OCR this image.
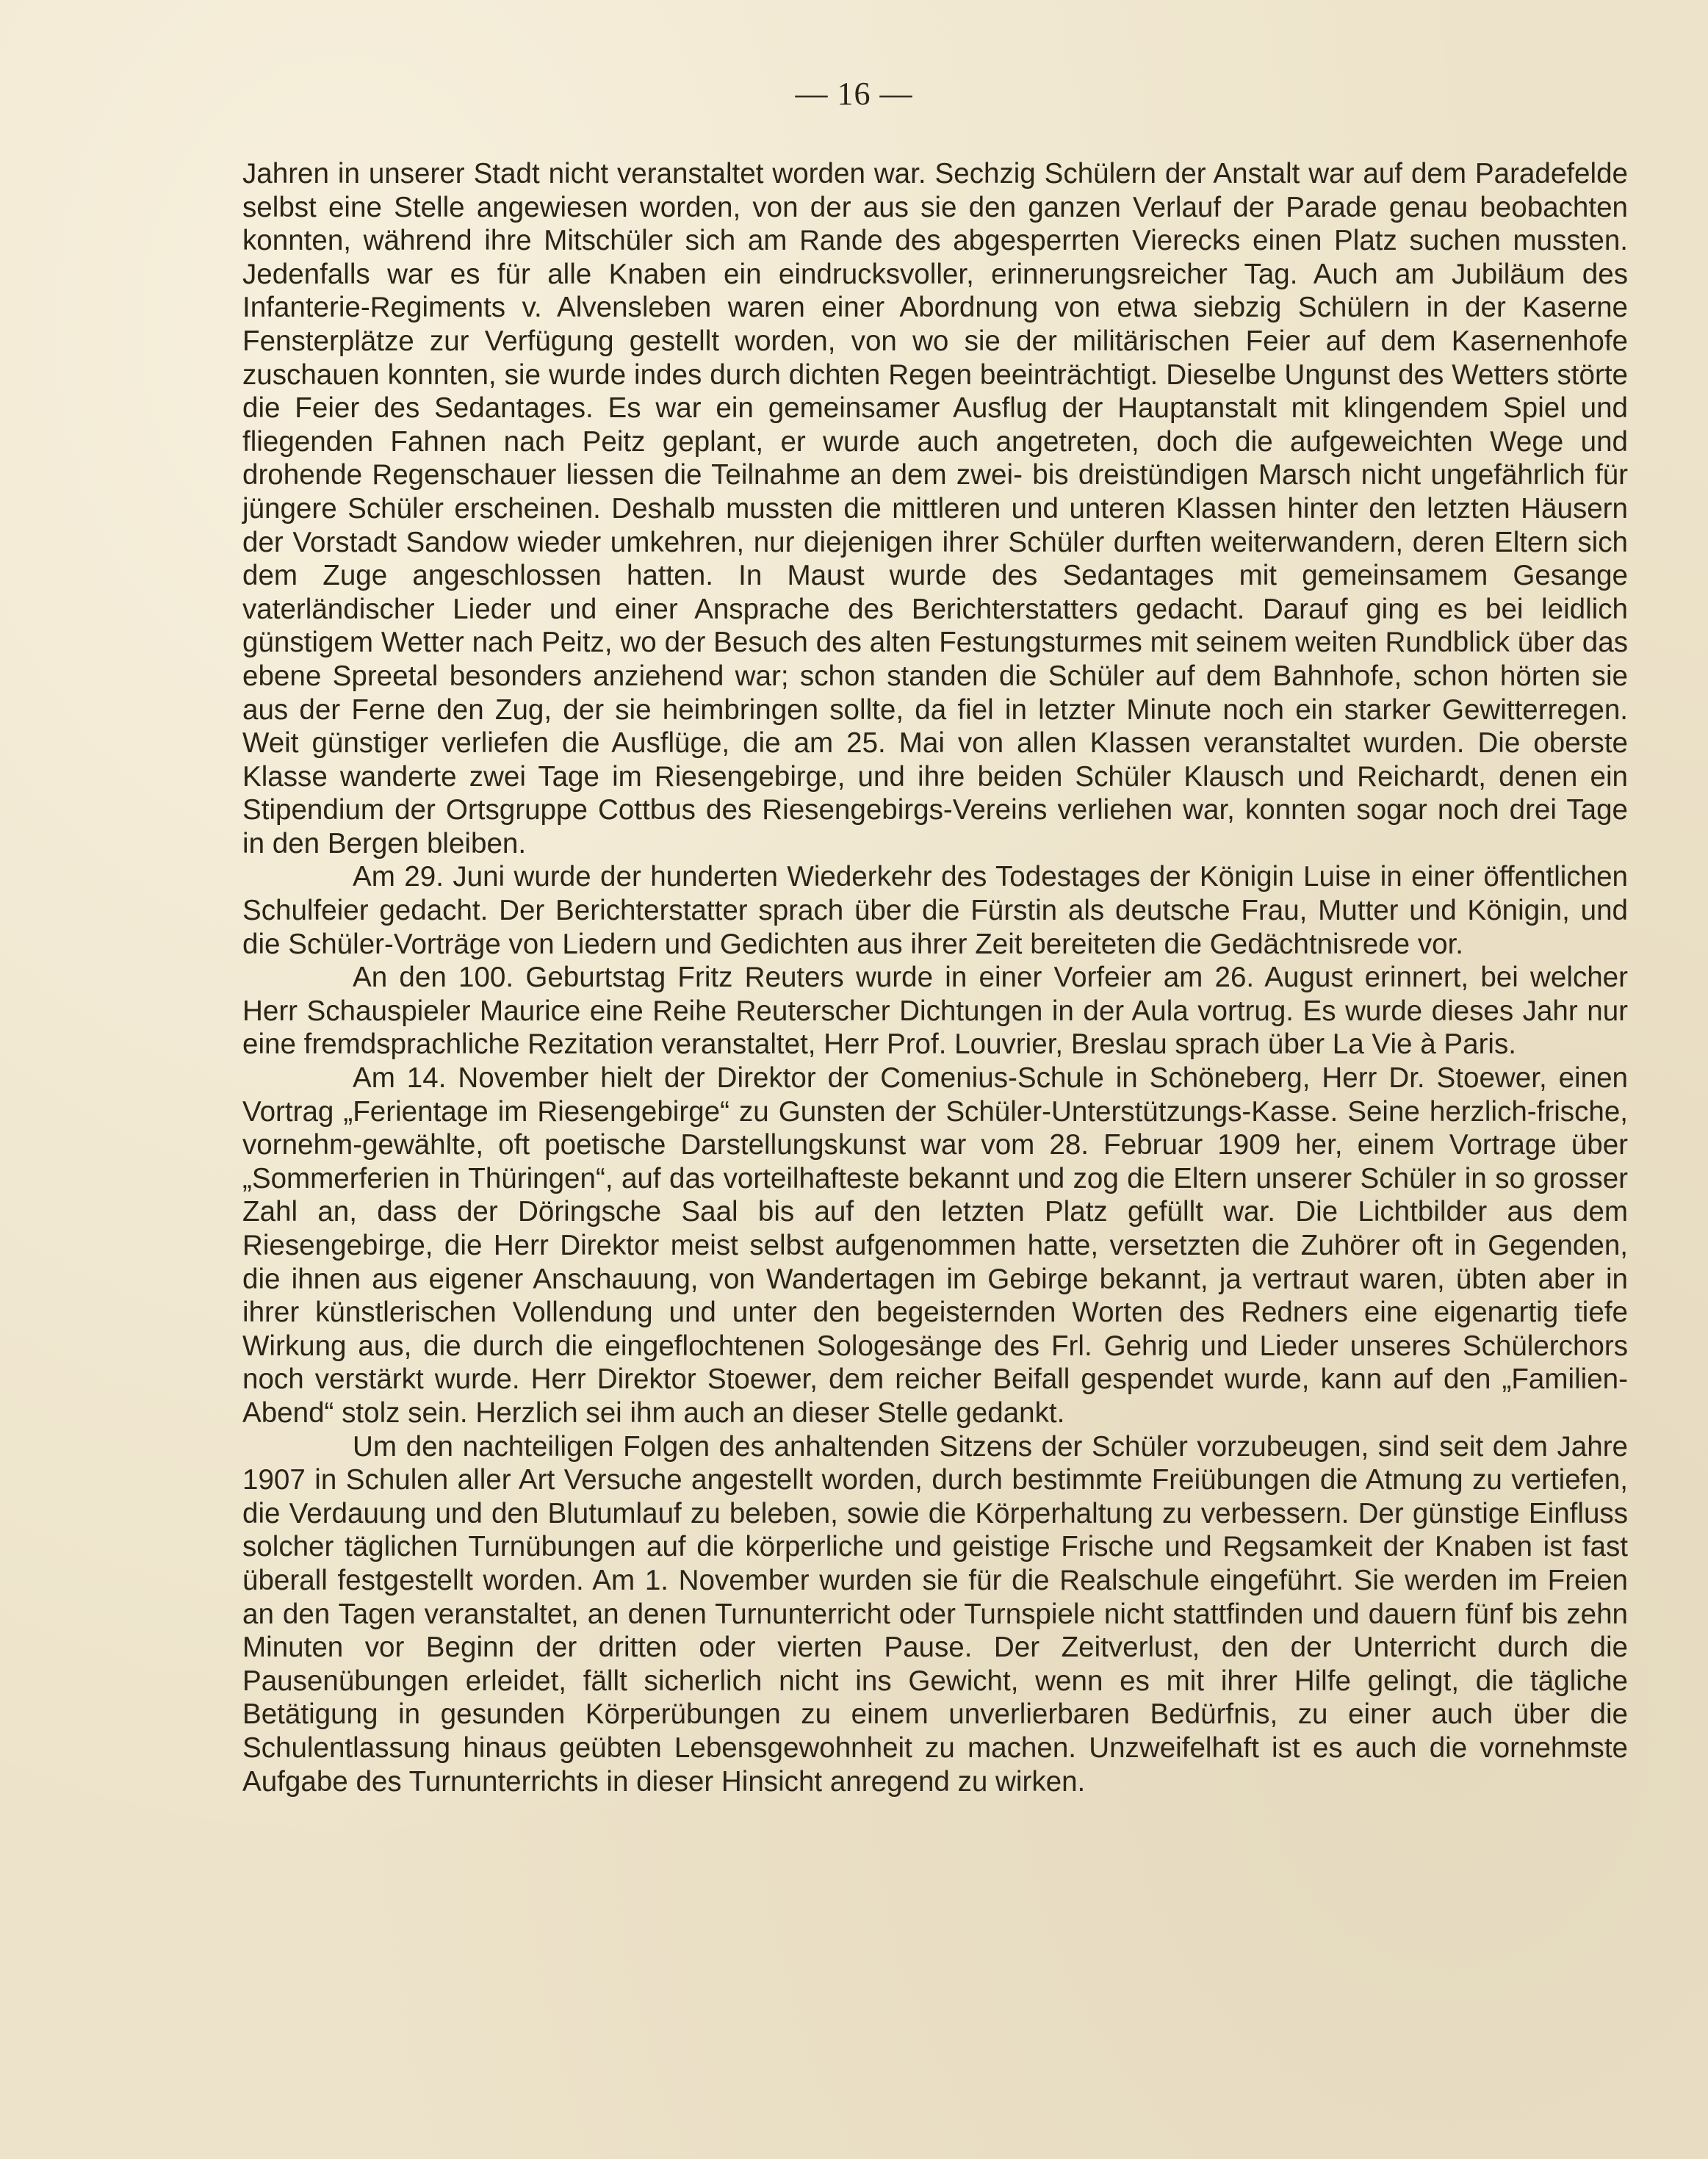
— 16 —

Jahren in unserer Stadt nicht veranstaltet worden war. Sechzig Schülern der Anstalt war auf dem Paradefelde selbst eine Stelle angewiesen worden, von der aus sie den ganzen Verlauf der Parade genau beobachten konnten, während ihre Mitschüler sich am Rande des abgesperrten Vierecks einen Platz suchen mussten. Jedenfalls war es für alle Knaben ein eindrucksvoller, erinnerungsreicher Tag. Auch am Jubiläum des Infanterie-Regiments v. Alvensleben waren einer Abordnung von etwa siebzig Schülern in der Kaserne Fensterplätze zur Verfügung gestellt worden, von wo sie der militärischen Feier auf dem Kasernenhofe zuschauen konnten, sie wurde indes durch dichten Regen beeinträchtigt. Dieselbe Ungunst des Wetters störte die Feier des Sedantages. Es war ein gemeinsamer Ausflug der Hauptanstalt mit klingendem Spiel und fliegenden Fahnen nach Peitz geplant, er wurde auch angetreten, doch die aufgeweichten Wege und drohende Regenschauer liessen die Teilnahme an dem zwei- bis dreistündigen Marsch nicht ungefährlich für jüngere Schüler erscheinen. Deshalb mussten die mittleren und unteren Klassen hinter den letzten Häusern der Vorstadt Sandow wieder umkehren, nur diejenigen ihrer Schüler durften weiterwandern, deren Eltern sich dem Zuge angeschlossen hatten. In Maust wurde des Sedantages mit gemeinsamem Gesange vaterländischer Lieder und einer Ansprache des Berichterstatters gedacht. Darauf ging es bei leidlich günstigem Wetter nach Peitz, wo der Besuch des alten Festungsturmes mit seinem weiten Rundblick über das ebene Spreetal besonders anziehend war; schon standen die Schüler auf dem Bahnhofe, schon hörten sie aus der Ferne den Zug, der sie heimbringen sollte, da fiel in letzter Minute noch ein starker Gewitterregen. Weit günstiger verliefen die Ausflüge, die am 25. Mai von allen Klassen veranstaltet wurden. Die oberste Klasse wanderte zwei Tage im Riesengebirge, und ihre beiden Schüler Klausch und Reichardt, denen ein Stipendium der Ortsgruppe Cottbus des Riesengebirgs-Vereins verliehen war, konnten sogar noch drei Tage in den Bergen bleiben.

Am 29. Juni wurde der hunderten Wiederkehr des Todestages der Königin Luise in einer öffentlichen Schulfeier gedacht. Der Berichterstatter sprach über die Fürstin als deutsche Frau, Mutter und Königin, und die Schüler-Vorträge von Liedern und Gedichten aus ihrer Zeit bereiteten die Gedächtnisrede vor.

An den 100. Geburtstag Fritz Reuters wurde in einer Vorfeier am 26. August erinnert, bei welcher Herr Schauspieler Maurice eine Reihe Reuterscher Dichtungen in der Aula vortrug. Es wurde dieses Jahr nur eine fremdsprachliche Rezitation veranstaltet, Herr Prof. Louvrier, Breslau sprach über La Vie à Paris.

Am 14. November hielt der Direktor der Comenius-Schule in Schöneberg, Herr Dr. Stoewer, einen Vortrag „Ferientage im Riesengebirge“ zu Gunsten der Schüler-Unterstützungs-Kasse. Seine herzlich-frische, vornehm-gewählte, oft poetische Darstellungskunst war vom 28. Februar 1909 her, einem Vortrage über „Sommerferien in Thüringen“, auf das vorteilhafteste bekannt und zog die Eltern unserer Schüler in so grosser Zahl an, dass der Döringsche Saal bis auf den letzten Platz gefüllt war. Die Lichtbilder aus dem Riesengebirge, die Herr Direktor meist selbst aufgenommen hatte, versetzten die Zuhörer oft in Gegenden, die ihnen aus eigener Anschauung, von Wandertagen im Gebirge bekannt, ja vertraut waren, übten aber in ihrer künstlerischen Vollendung und unter den begeisternden Worten des Redners eine eigenartig tiefe Wirkung aus, die durch die eingeflochtenen Sologesänge des Frl. Gehrig und Lieder unseres Schülerchors noch verstärkt wurde. Herr Direktor Stoewer, dem reicher Beifall gespendet wurde, kann auf den „Familien-Abend“ stolz sein. Herzlich sei ihm auch an dieser Stelle gedankt.

Um den nachteiligen Folgen des anhaltenden Sitzens der Schüler vorzubeugen, sind seit dem Jahre 1907 in Schulen aller Art Versuche angestellt worden, durch bestimmte Freiübungen die Atmung zu vertiefen, die Verdauung und den Blutumlauf zu beleben, sowie die Körperhaltung zu verbessern. Der günstige Einfluss solcher täglichen Turnübungen auf die körperliche und geistige Frische und Regsamkeit der Knaben ist fast überall festgestellt worden. Am 1. November wurden sie für die Realschule eingeführt. Sie werden im Freien an den Tagen veranstaltet, an denen Turnunterricht oder Turnspiele nicht stattfinden und dauern fünf bis zehn Minuten vor Beginn der dritten oder vierten Pause. Der Zeitverlust, den der Unterricht durch die Pausenübungen erleidet, fällt sicherlich nicht ins Gewicht, wenn es mit ihrer Hilfe gelingt, die tägliche Betätigung in gesunden Körperübungen zu einem unverlierbaren Bedürfnis, zu einer auch über die Schulentlassung hinaus geübten Lebensgewohnheit zu machen. Unzweifelhaft ist es auch die vornehmste Aufgabe des Turnunterrichts in dieser Hinsicht anregend zu wirken.
